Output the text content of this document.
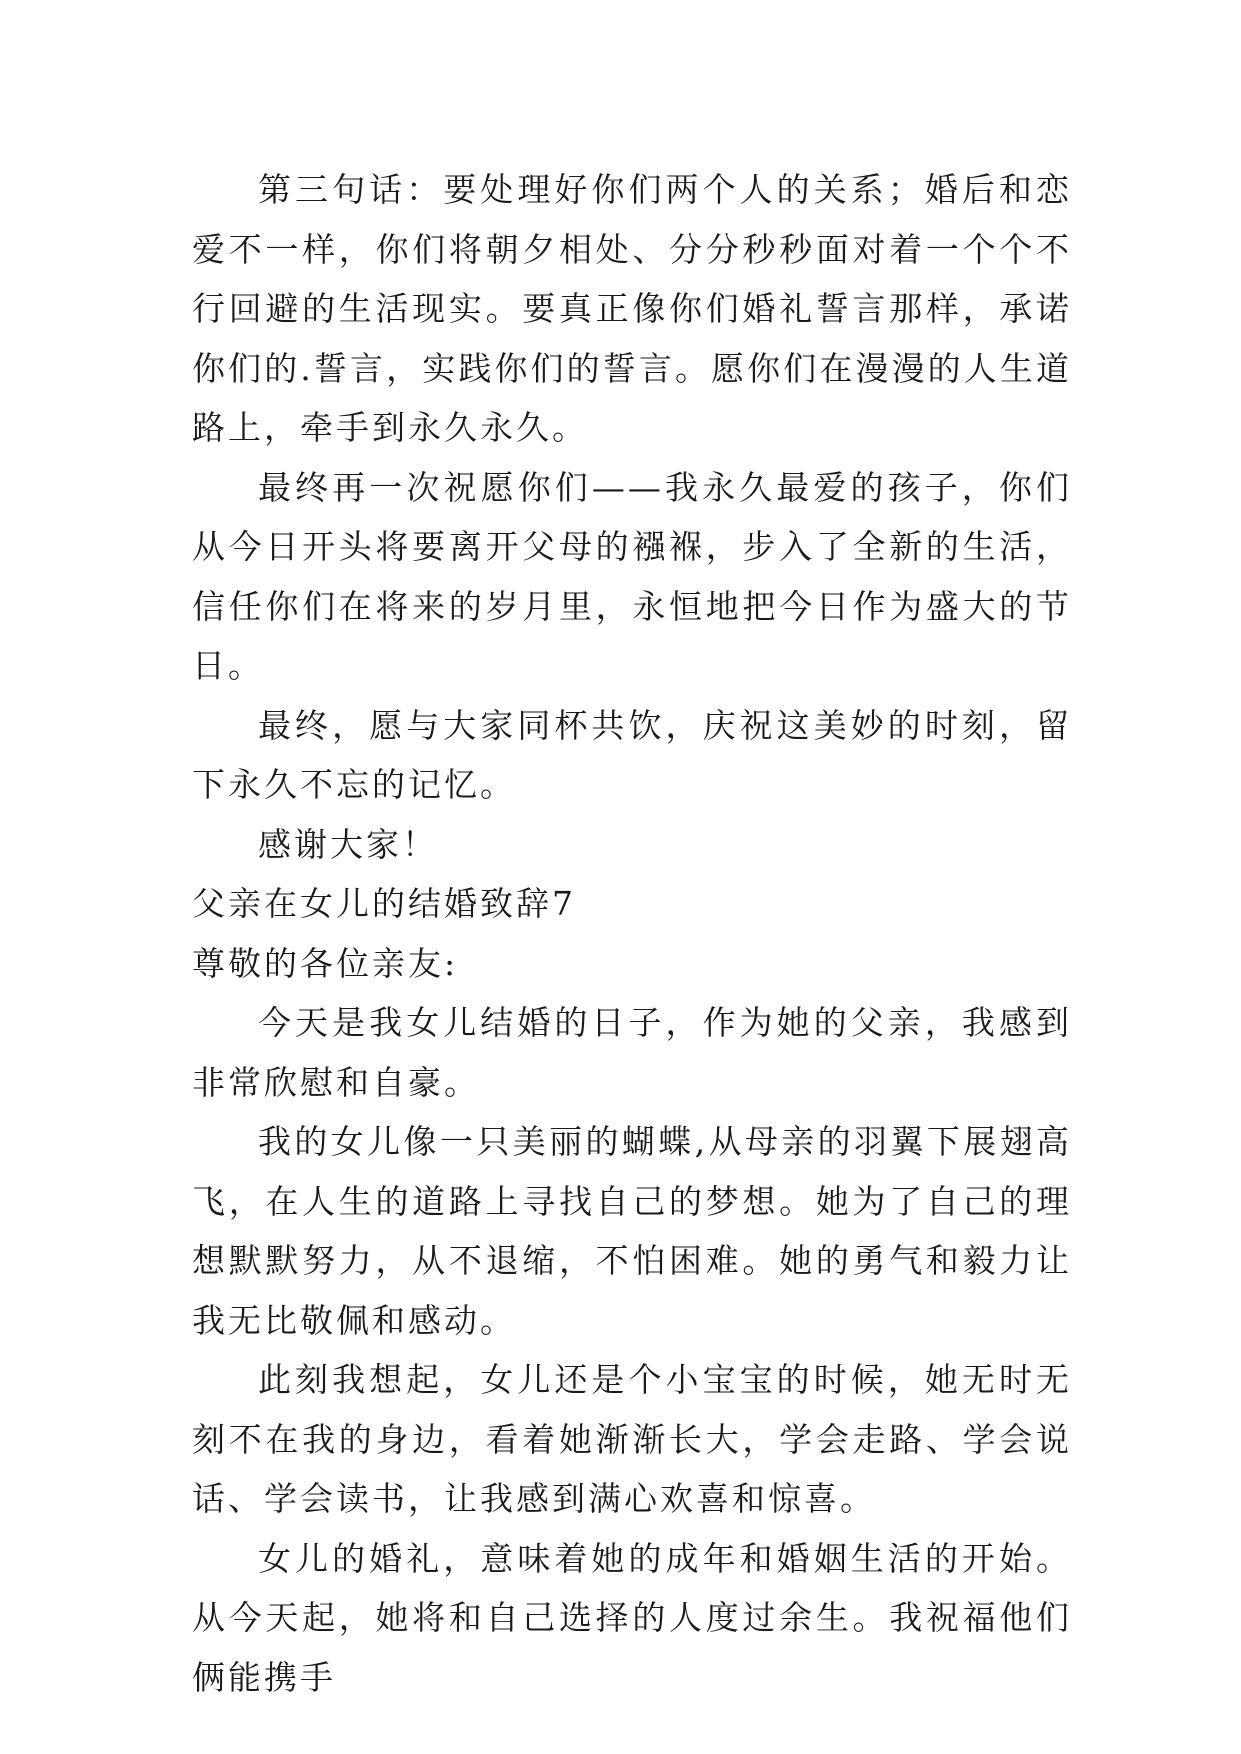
第三句话：要处理好你们两个人的关系；婚后和恋爱不一样，你们将朝夕相处、分分秒秒面对着一个个不行回避的生活现实。要真正像你们婚礼誓言那样，承诺你们的.誓言，实践你们的誓言。愿你们在漫漫的人生道路上，牵手到永久永久。

最终再一次祝愿你们——我永久最爱的孩子，你们从今日开头将要离开父母的襁褓，步入了全新的生活，信任你们在将来的岁月里，永恒地把今日作为盛大的节日。

最终，愿与大家同杯共饮，庆祝这美妙的时刻，留下永久不忘的记忆。

感谢大家！

父亲在女儿的结婚致辞7

尊敬的各位亲友:

今天是我女儿结婚的日子，作为她的父亲，我感到非常欣慰和自豪。

我的女儿像一只美丽的蝴蝶,从母亲的羽翼下展翅高飞，在人生的道路上寻找自己的梦想。她为了自己的理想默默努力，从不退缩，不怕困难。她的勇气和毅力让我无比敬佩和感动。

此刻我想起，女儿还是个小宝宝的时候，她无时无刻不在我的身边，看着她渐渐长大，学会走路、学会说话、学会读书，让我感到满心欢喜和惊喜。

女儿的婚礼，意味着她的成年和婚姻生活的开始。从今天起，她将和自己选择的人度过余生。我祝福他们俩能携手
